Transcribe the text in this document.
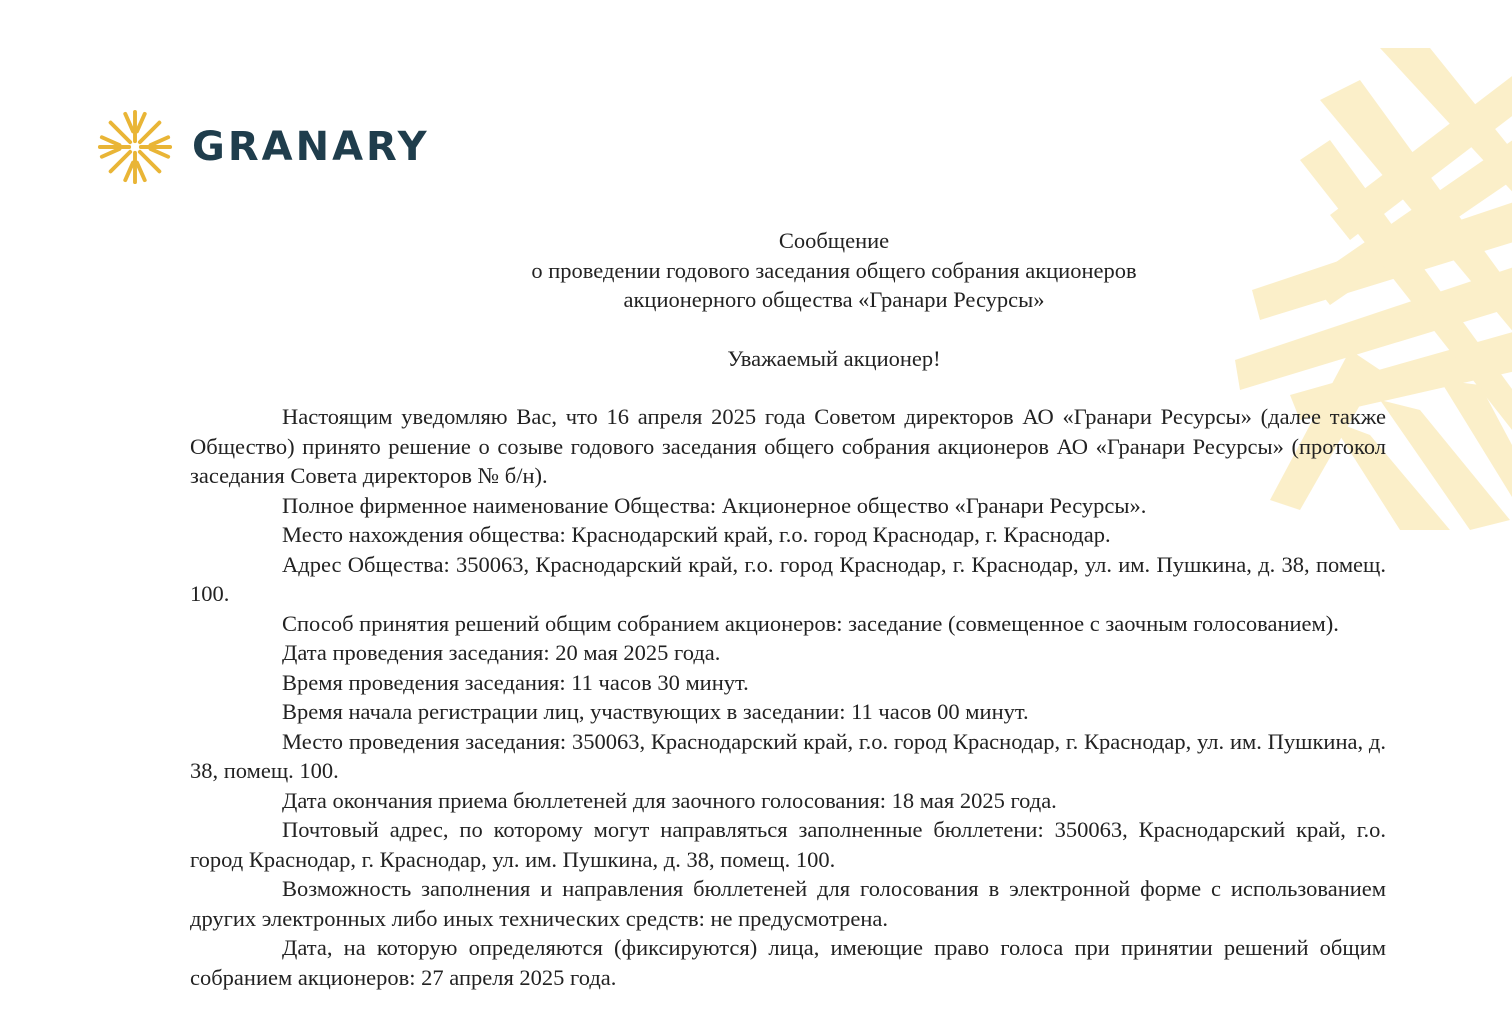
GRANARY
Сообщение
о проведении годового заседания общего собрания акционеров
акционерного общества «Гранари Ресурсы»
Уважаемый акционер!

Настоящим уведомляю Вас, что 16 апреля 2025 года Советом директоров АО «Гранари Ресурсы» (далее также Общество) принято решение о созыве годового заседания общего собрания акционеров АО «Гранари Ресурсы» (протокол заседания Совета директоров № б/н).

Полное фирменное наименование Общества: Акционерное общество «Гранари Ресурсы».

Место нахождения общества: Краснодарский край, г.о. город Краснодар, г. Краснодар.

Адрес Общества: 350063, Краснодарский край, г.о. город Краснодар, г. Краснодар, ул. им. Пушкина, д. 38, помещ. 100.

Способ принятия решений общим собранием акционеров: заседание (совмещенное с заочным голосованием).

Дата проведения заседания: 20 мая 2025 года.

Время проведения заседания: 11 часов 30 минут.

Время начала регистрации лиц, участвующих в заседании: 11 часов 00 минут.

Место проведения заседания: 350063, Краснодарский край, г.о. город Краснодар, г. Краснодар, ул. им. Пушкина, д. 38, помещ. 100.

Дата окончания приема бюллетеней для заочного голосования: 18 мая 2025 года.

Почтовый адрес, по которому могут направляться заполненные бюллетени: 350063, Краснодарский край, г.о. город Краснодар, г. Краснодар, ул. им. Пушкина, д. 38, помещ. 100.

Возможность заполнения и направления бюллетеней для голосования в электронной форме с использованием других электронных либо иных технических средств: не предусмотрена.

Дата, на которую определяются (фиксируются) лица, имеющие право голоса при принятии решений общим собранием акционеров: 27 апреля 2025 года.
